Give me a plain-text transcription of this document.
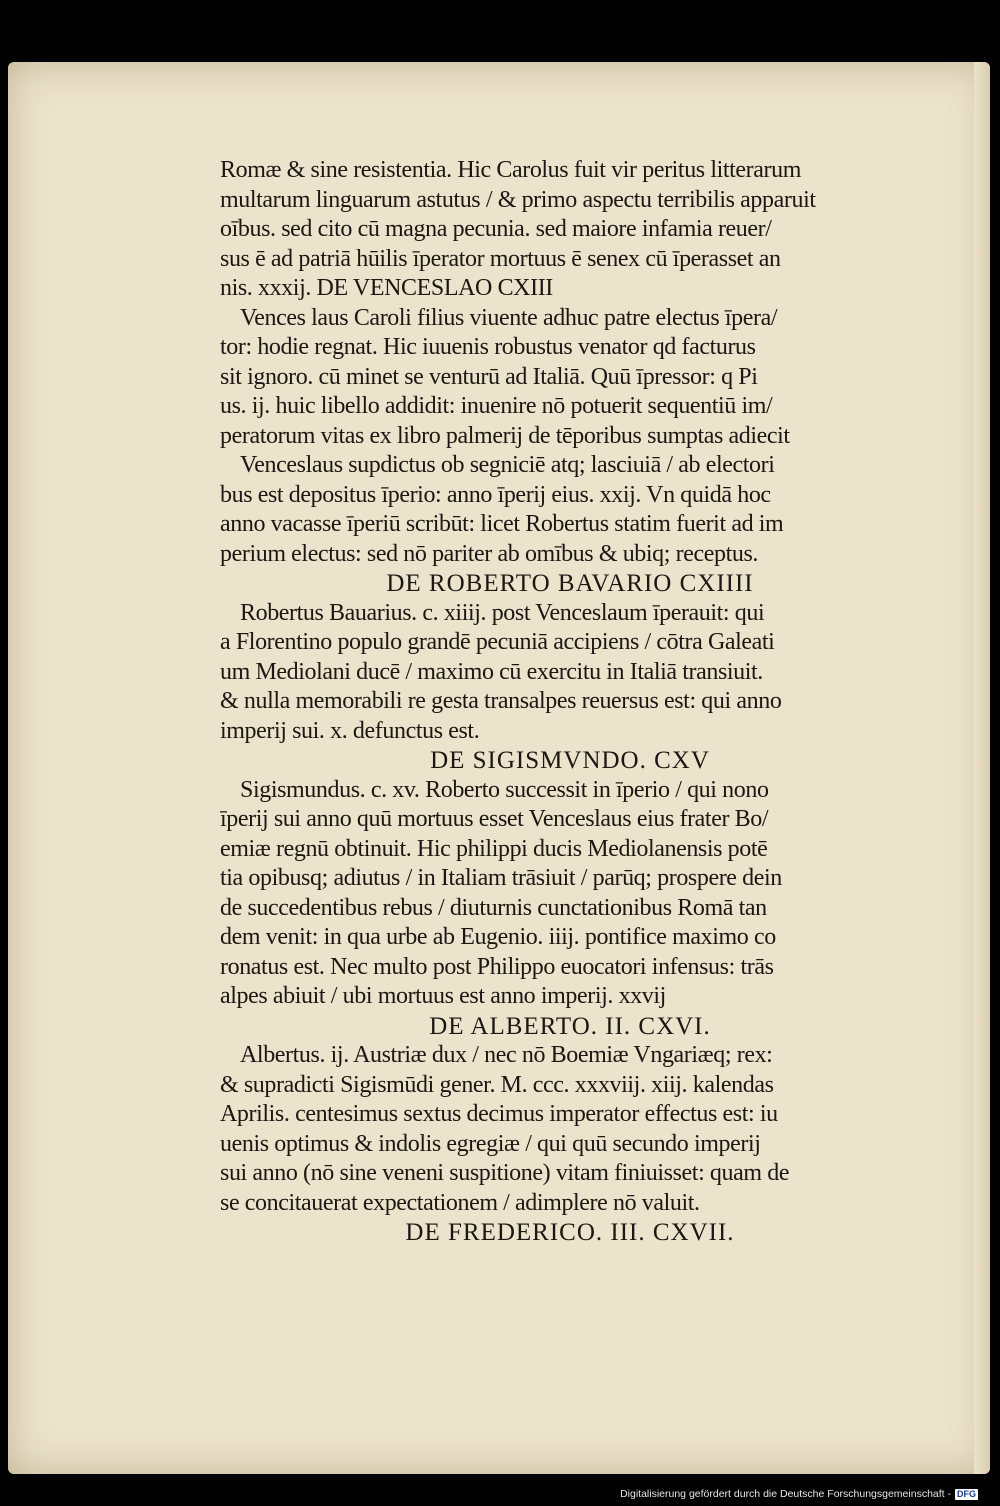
Romæ & sine resistentia. Hic Carolus fuit vir peritus litterarum
multarum linguarum astutus / & primo aspectu terribilis apparuit
oībus. sed cito cū magna pecunia. sed maiore infamia reuer/
sus ē ad patriā hūilis īperator mortuus ē senex cū īperasset an
nis. xxxij. DE VENCESLAO CXIII
Vences laus Caroli filius viuente adhuc patre electus īpera/
tor: hodie regnat. Hic iuuenis robustus venator qd facturus
sit ignoro. cū minet se venturū ad Italiā. Quū īpressor: q Pi
us. ij. huic libello addidit: inuenire nō potuerit sequentiū im/
peratorum vitas ex libro palmerij de tēporibus sumptas adiecit
Venceslaus supdictus ob segniciē atq; lasciuiā / ab electori
bus est depositus īperio: anno īperij eius. xxij. Vn quidā hoc
anno vacasse īperiū scribūt: licet Robertus statim fuerit ad im
perium electus: sed nō pariter ab omībus & ubiq; receptus.
DE ROBERTO BAVARIO CXIIII
Robertus Bauarius. c. xiiij. post Venceslaum īperauit: qui
a Florentino populo grandē pecuniā accipiens / cōtra Galeati
um Mediolani ducē / maximo cū exercitu in Italiā transiuit.
& nulla memorabili re gesta transalpes reuersus est: qui anno
imperij sui. x. defunctus est.
DE SIGISMVNDO. CXV
Sigismundus. c. xv. Roberto successit in īperio / qui nono
īperij sui anno quū mortuus esset Venceslaus eius frater Bo/
emiæ regnū obtinuit. Hic philippi ducis Mediolanensis potē
tia opibusq; adiutus / in Italiam trāsiuit / parūq; prospere dein
de succedentibus rebus / diuturnis cunctationibus Romā tan
dem venit: in qua urbe ab Eugenio. iiij. pontifice maximo co
ronatus est. Nec multo post Philippo euocatori infensus: trās
alpes abiuit / ubi mortuus est anno imperij. xxvij
DE ALBERTO. II. CXVI.
Albertus. ij. Austriæ dux / nec nō Boemiæ Vngariæq; rex:
& supradicti Sigismūdi gener. M. ccc. xxxviij. xiij. kalendas
Aprilis. centesimus sextus decimus imperator effectus est: iu
uenis optimus & indolis egregiæ / qui quū secundo imperij
sui anno (nō sine veneni suspitione) vitam finiuisset: quam de
se concitauerat expectationem / adimplere nō valuit.
DE FREDERICO. III. CXVII.
Digitalisierung gefördert durch die Deutsche Forschungsgemeinschaft - DFG
